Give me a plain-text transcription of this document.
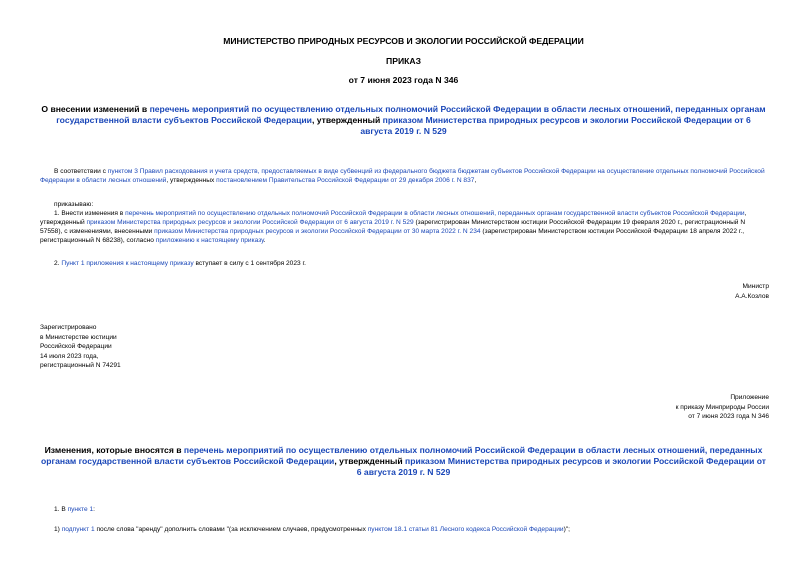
МИНИСТЕРСТВО ПРИРОДНЫХ РЕСУРСОВ И ЭКОЛОГИИ РОССИЙСКОЙ ФЕДЕРАЦИИ
ПРИКАЗ
от 7 июня 2023 года N 346
О внесении изменений в перечень мероприятий по осуществлению отдельных полномочий Российской Федерации в области лесных отношений, переданных органам государственной власти субъектов Российской Федерации, утвержденный приказом Министерства природных ресурсов и экологии Российской Федерации от 6 августа 2019 г. N 529
В соответствии с пунктом 3 Правил расходования и учета средств, предоставляемых в виде субвенций из федерального бюджета бюджетам субъектов Российской Федерации на осуществление отдельных полномочий Российской Федерации в области лесных отношений, утвержденных постановлением Правительства Российской Федерации от 29 декабря 2006 г. N 837,
приказываю:
1. Внести изменения в перечень мероприятий по осуществлению отдельных полномочий Российской Федерации в области лесных отношений, переданных органам государственной власти субъектов Российской Федерации, утвержденный приказом Министерства природных ресурсов и экологии Российской Федерации от 6 августа 2019 г. N 529 (зарегистрирован Министерством юстиции Российской Федерации 19 февраля 2020 г., регистрационный N 57558), с изменениями, внесенными приказом Министерства природных ресурсов и экологии Российской Федерации от 30 марта 2022 г. N 234 (зарегистрирован Министерством юстиции Российской Федерации 18 апреля 2022 г., регистрационный N 68238), согласно приложению к настоящему приказу.
2. Пункт 1 приложения к настоящему приказу вступает в силу с 1 сентября 2023 г.
Министр
А.А.Козлов
Зарегистрировано
в Министерстве юстиции
Российской Федерации
14 июля 2023 года,
регистрационный N 74291
Приложение
к приказу Минприроды России
от 7 июня 2023 года N 346
Изменения, которые вносятся в перечень мероприятий по осуществлению отдельных полномочий Российской Федерации в области лесных отношений, переданных органам государственной власти субъектов Российской Федерации, утвержденный приказом Министерства природных ресурсов и экологии Российской Федерации от 6 августа 2019 г. N 529
1. В пункте 1:
1) подпункт 1 после слова "аренду" дополнить словами "(за исключением случаев, предусмотренных пунктом 18.1 статьи 81 Лесного кодекса Российской Федерации)";
